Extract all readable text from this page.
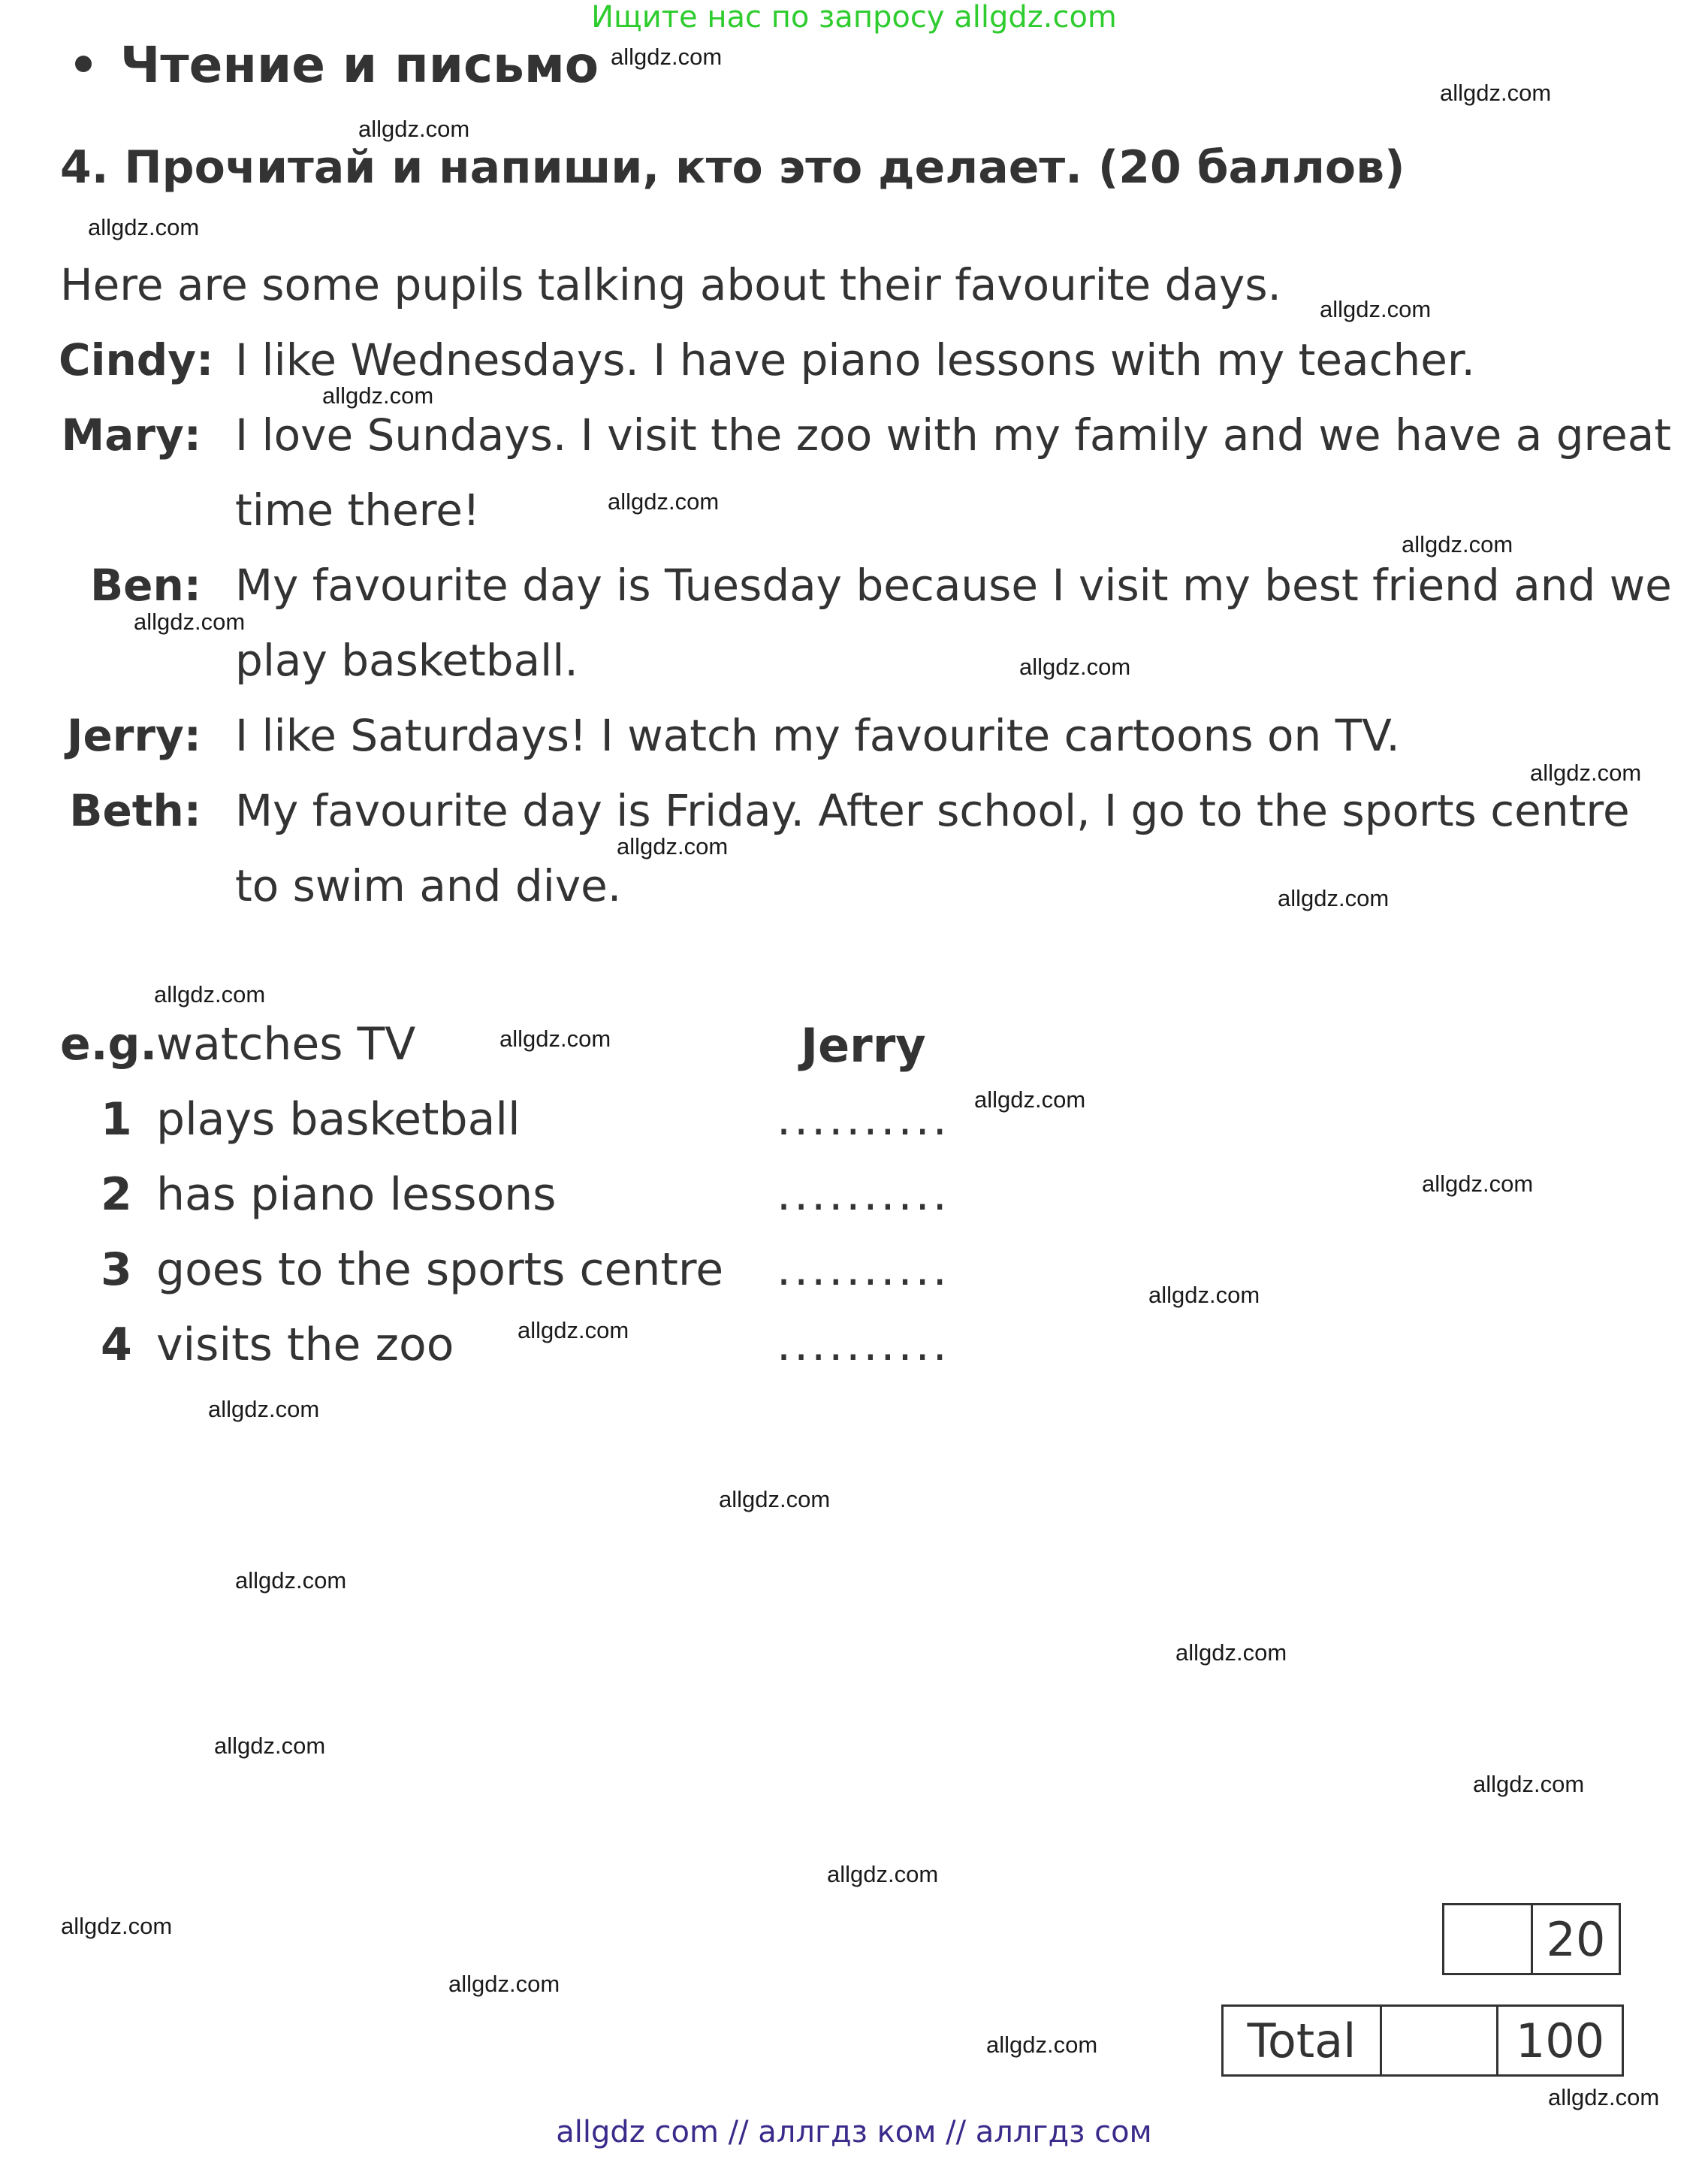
Ищите нас по запросу allgdz.com
Чтение и письмо
4. Прочитай и напиши, кто это делает. (20 баллов)
Here are some pupils talking about their favourite days.
Cindy: I like Wednesdays. I have piano lessons with my teacher.
Mary: I love Sundays. I visit the zoo with my family and we have a great
time there!
Ben: My favourite day is Tuesday because I visit my best friend and we
play basketball.
Jerry: I like Saturdays! I watch my favourite cartoons on TV.
Beth: My favourite day is Friday. After school, I go to the sports centre
to swim and dive.
e.g.
watches TV	Jerry
1 plays basketball	..........
2 has piano lessons	..........
3 goes to the sports centre ..........
4 visits the zoo	..........
20
Total	100
allgdz.com
allgdz.com
allgdz.com
allgdz.com
allgdz.com
allgdz.com
allgdz.com
allgdz.com
allgdz.com
allgdz.com
allgdz.com
allgdz.com
allgdz.com
allgdz.com
allgdz.com
allgdz.com
allgdz.com
allgdz.com
allgdz.com
allgdz.com
allgdz.com
allgdz.com
allgdz.com
allgdz.com
allgdz.com
allgdz.com
allgdz.com
allgdz.com
allgdz.com
allgdz.com
allgdz com // аллгдз ком // аллгдз сом
